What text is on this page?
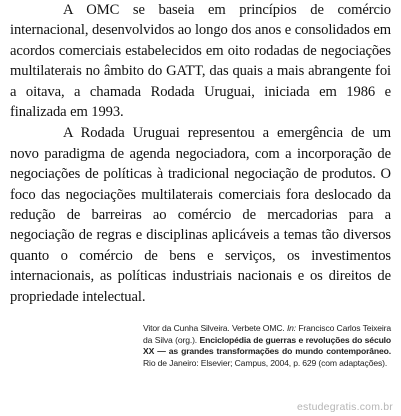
A OMC se baseia em princípios de comércio internacional, desenvolvidos ao longo dos anos e consolidados em acordos comerciais estabelecidos em oito rodadas de negociações multilaterais no âmbito do GATT, das quais a mais abrangente foi a oitava, a chamada Rodada Uruguai, iniciada em 1986 e finalizada em 1993.

A Rodada Uruguai representou a emergência de um novo paradigma de agenda negociadora, com a incorporação de negociações de políticas à tradicional negociação de produtos. O foco das negociações multilaterais comerciais fora deslocado da redução de barreiras ao comércio de mercadorias para a negociação de regras e disciplinas aplicáveis a temas tão diversos quanto o comércio de bens e serviços, os investimentos internacionais, as políticas industriais nacionais e os direitos de propriedade intelectual.

Vitor da Cunha Silveira. Verbete OMC. In: Francisco Carlos Teixeira da Silva (org.). Enciclopédia de guerras e revoluções do século XX — as grandes transformações do mundo contemporâneo. Rio de Janeiro: Elsevier; Campus, 2004, p. 629 (com adaptações).
estudegratis.com.br
